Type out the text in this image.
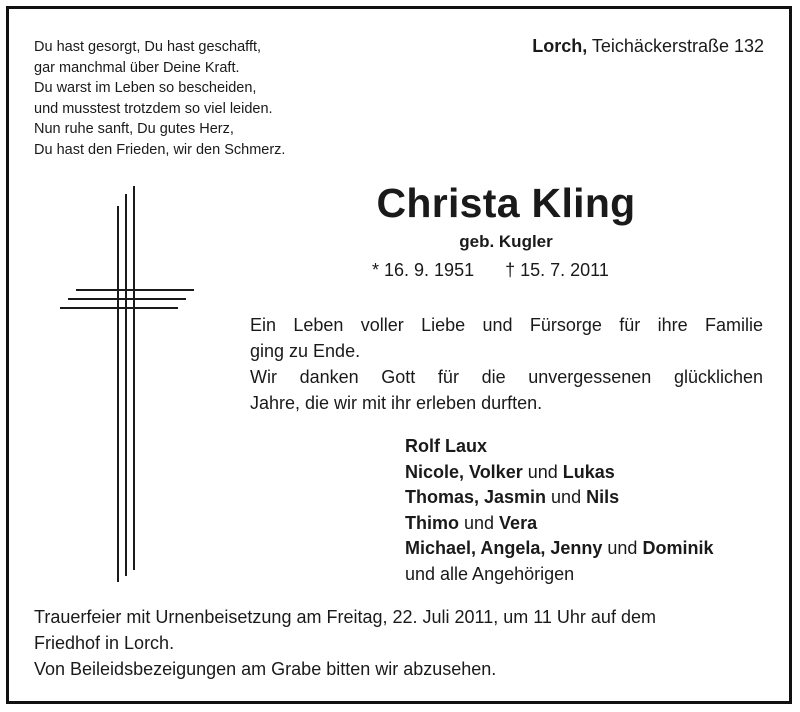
Du hast gesorgt, Du hast geschafft,
gar manchmal über Deine Kraft.
Du warst im Leben so bescheiden,
und musstest trotzdem so viel leiden.
Nun ruhe sanft, Du gutes Herz,
Du hast den Frieden, wir den Schmerz.
Lorch, Teichäckerstraße 132
Christa Kling
geb. Kugler
* 16. 9. 1951 † 15. 7. 2011

Ein Leben voller Liebe und Fürsorge für ihre Familie

ging zu Ende.

Wir danken Gott für die unvergessenen glücklichen

Jahre, die wir mit ihr erleben durften.

Rolf Laux
Nicole, Volker und Lukas
Thomas, Jasmin und Nils
Thimo und Vera
Michael, Angela, Jenny und Dominik
und alle Angehörigen

Trauerfeier mit Urnenbeisetzung am Freitag, 22. Juli 2011, um 11 Uhr auf dem

Friedhof in Lorch.

Von Beileidsbezeigungen am Grabe bitten wir abzusehen.
